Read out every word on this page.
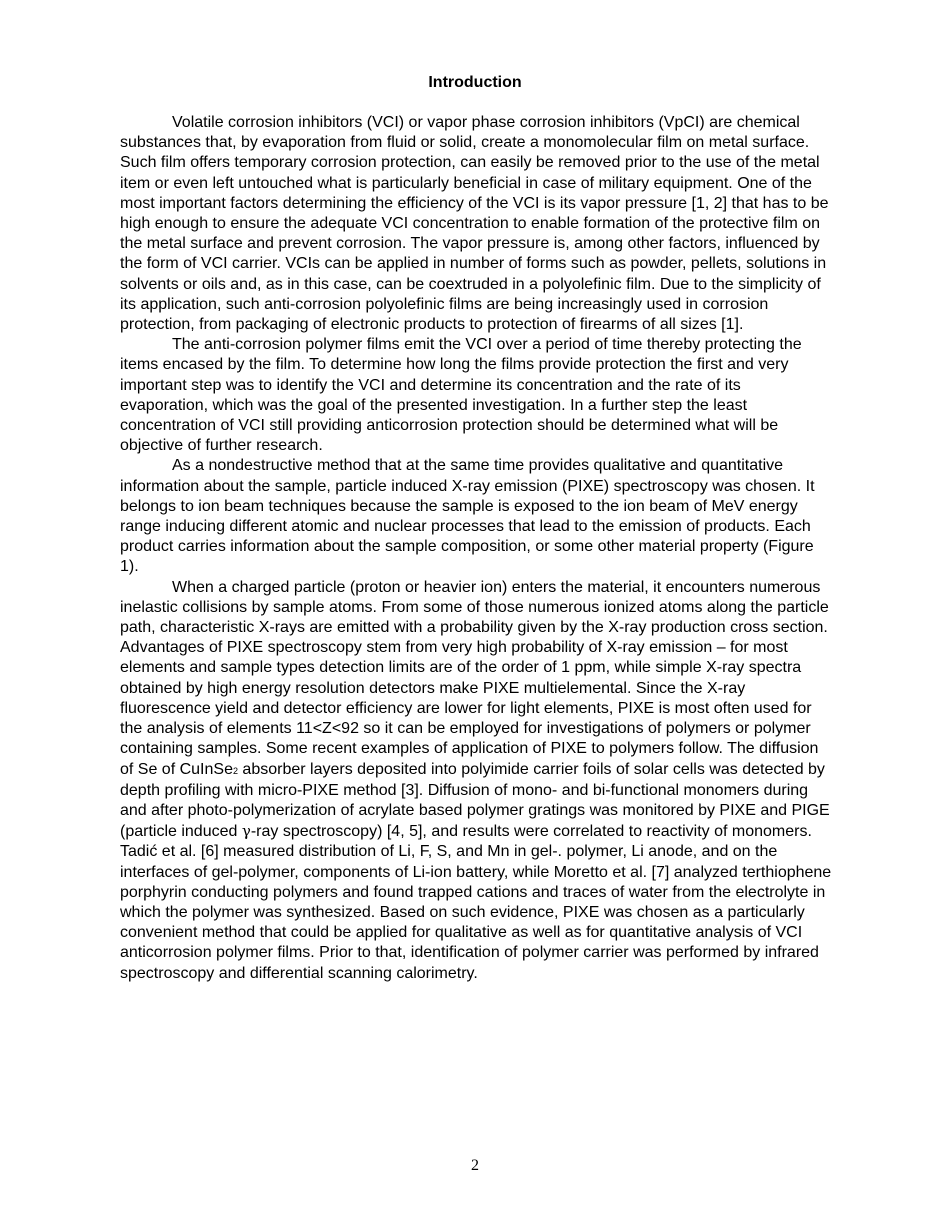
Introduction

Volatile corrosion inhibitors (VCI) or vapor phase corrosion inhibitors (VpCI) are chemical substances that, by evaporation from fluid or solid, create a monomolecular film on metal surface. Such film offers temporary corrosion protection, can easily be removed prior to the use of the metal item or even left untouched what is particularly beneficial in case of military equipment. One of the most important factors determining the efficiency of the VCI is its vapor pressure [1, 2] that has to be high enough to ensure the adequate VCI concentration to enable formation of the protective film on the metal surface and prevent corrosion. The vapor pressure is, among other factors, influenced by the form of VCI carrier. VCIs can be applied in number of forms such as powder, pellets, solutions in solvents or oils and, as in this case, can be coextruded in a polyolefinic film. Due to the simplicity of its application, such anti-corrosion polyolefinic films are being increasingly used in corrosion protection, from packaging of electronic products to protection of firearms of all sizes [1].

The anti-corrosion polymer films emit the VCI over a period of time thereby protecting the items encased by the film. To determine how long the films provide protection the first and very important step was to identify the VCI and determine its concentration and the rate of its evaporation, which was the goal of the presented investigation. In a further step the least concentration of VCI still providing anticorrosion protection should be determined what will be objective of further research.

As a nondestructive method that at the same time provides qualitative and quantitative information about the sample, particle induced X-ray emission (PIXE) spectroscopy was chosen. It belongs to ion beam techniques because the sample is exposed to the ion beam of MeV energy range inducing different atomic and nuclear processes that lead to the emission of products. Each product carries information about the sample composition, or some other material property (Figure 1).

When a charged particle (proton or heavier ion) enters the material, it encounters numerous inelastic collisions by sample atoms. From some of those numerous ionized atoms along the particle path, characteristic X-rays are emitted with a probability given by the X-ray production cross section. Advantages of PIXE spectroscopy stem from very high probability of X-ray emission – for most elements and sample types detection limits are of the order of 1 ppm, while simple X-ray spectra obtained by high energy resolution detectors make PIXE multielemental. Since the X-ray fluorescence yield and detector efficiency are lower for light elements, PIXE is most often used for the analysis of elements 11<Z<92 so it can be employed for investigations of polymers or polymer containing samples. Some recent examples of application of PIXE to polymers follow. The diffusion of Se of CuInSe2 absorber layers deposited into polyimide carrier foils of solar cells was detected by depth profiling with micro-PIXE method [3]. Diffusion of mono- and bi-functional monomers during and after photo-polymerization of acrylate based polymer gratings was monitored by PIXE and PIGE (particle induced γ-ray spectroscopy) [4, 5], and results were correlated to reactivity of monomers. Tadić et al. [6] measured distribution of Li, F, S, and Mn in gel-. polymer, Li anode, and on the interfaces of gel-polymer, components of Li-ion battery, while Moretto et al. [7] analyzed terthiophene porphyrin conducting polymers and found trapped cations and traces of water from the electrolyte in which the polymer was synthesized. Based on such evidence, PIXE was chosen as a particularly convenient method that could be applied for qualitative as well as for quantitative analysis of VCI anticorrosion polymer films. Prior to that, identification of polymer carrier was performed by infrared spectroscopy and differential scanning calorimetry.

2
